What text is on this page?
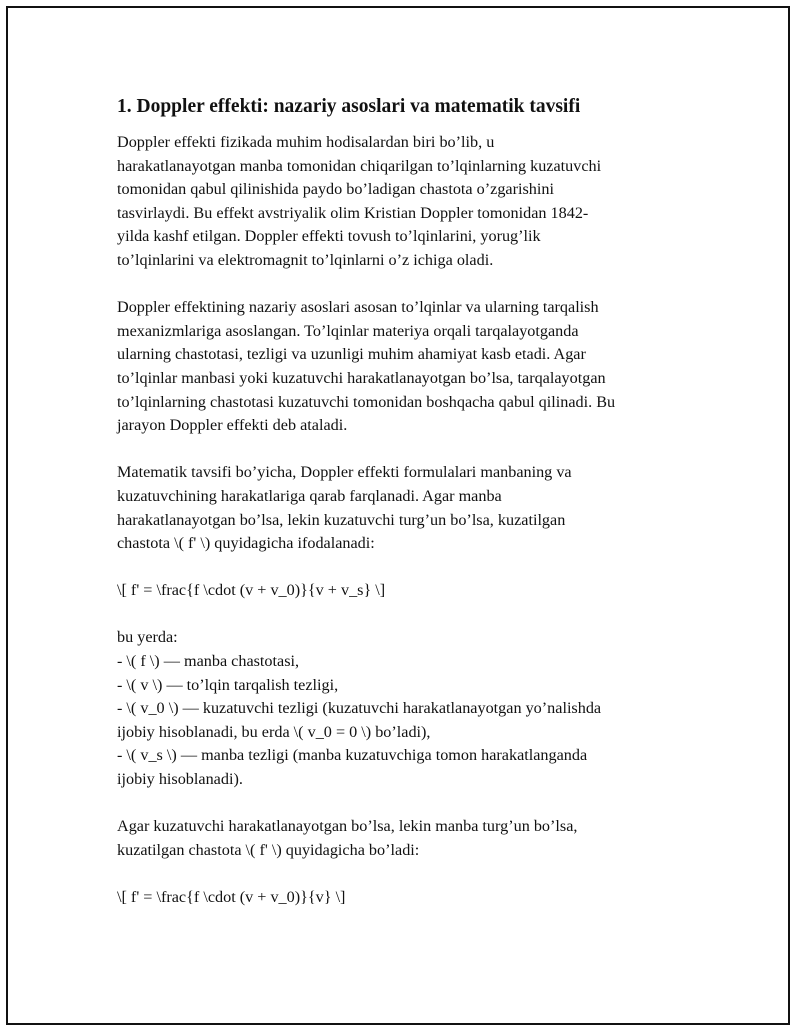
1. Doppler effekti: nazariy asoslari va matematik tavsifi

Doppler effekti fizikada muhim hodisalardan biri bo’lib, u
harakatlanayotgan manba tomonidan chiqarilgan to’lqinlarning kuzatuvchi
tomonidan qabul qilinishida paydo bo’ladigan chastota o’zgarishini
tasvirlaydi. Bu effekt avstriyalik olim Kristian Doppler tomonidan 1842-
yilda kashf etilgan. Doppler effekti tovush to’lqinlarini, yorug’lik
to’lqinlarini va elektromagnit to’lqinlarni o’z ichiga oladi.

Doppler effektining nazariy asoslari asosan to’lqinlar va ularning tarqalish
mexanizmlariga asoslangan. To’lqinlar materiya orqali tarqalayotganda
ularning chastotasi, tezligi va uzunligi muhim ahamiyat kasb etadi. Agar
to’lqinlar manbasi yoki kuzatuvchi harakatlanayotgan bo’lsa, tarqalayotgan
to’lqinlarning chastotasi kuzatuvchi tomonidan boshqacha qabul qilinadi. Bu
jarayon Doppler effekti deb ataladi.

Matematik tavsifi bo’yicha, Doppler effekti formulalari manbaning va
kuzatuvchining harakatlariga qarab farqlanadi. Agar manba
harakatlanayotgan bo’lsa, lekin kuzatuvchi turg’un bo’lsa, kuzatilgan
chastota \( f' \) quyidagicha ifodalanadi:

\[ f' = \frac{f \cdot (v + v_0)}{v + v_s} \]

bu yerda:
- \( f \) — manba chastotasi,
- \( v \) — to’lqin tarqalish tezligi,
- \( v_0 \) — kuzatuvchi tezligi (kuzatuvchi harakatlanayotgan yo’nalishda
ijobiy hisoblanadi, bu erda \( v_0 = 0 \) bo’ladi),
- \( v_s \) — manba tezligi (manba kuzatuvchiga tomon harakatlanganda
ijobiy hisoblanadi).

Agar kuzatuvchi harakatlanayotgan bo’lsa, lekin manba turg’un bo’lsa,
kuzatilgan chastota \( f' \) quyidagicha bo’ladi:

\[ f' = \frac{f \cdot (v + v_0)}{v} \]
